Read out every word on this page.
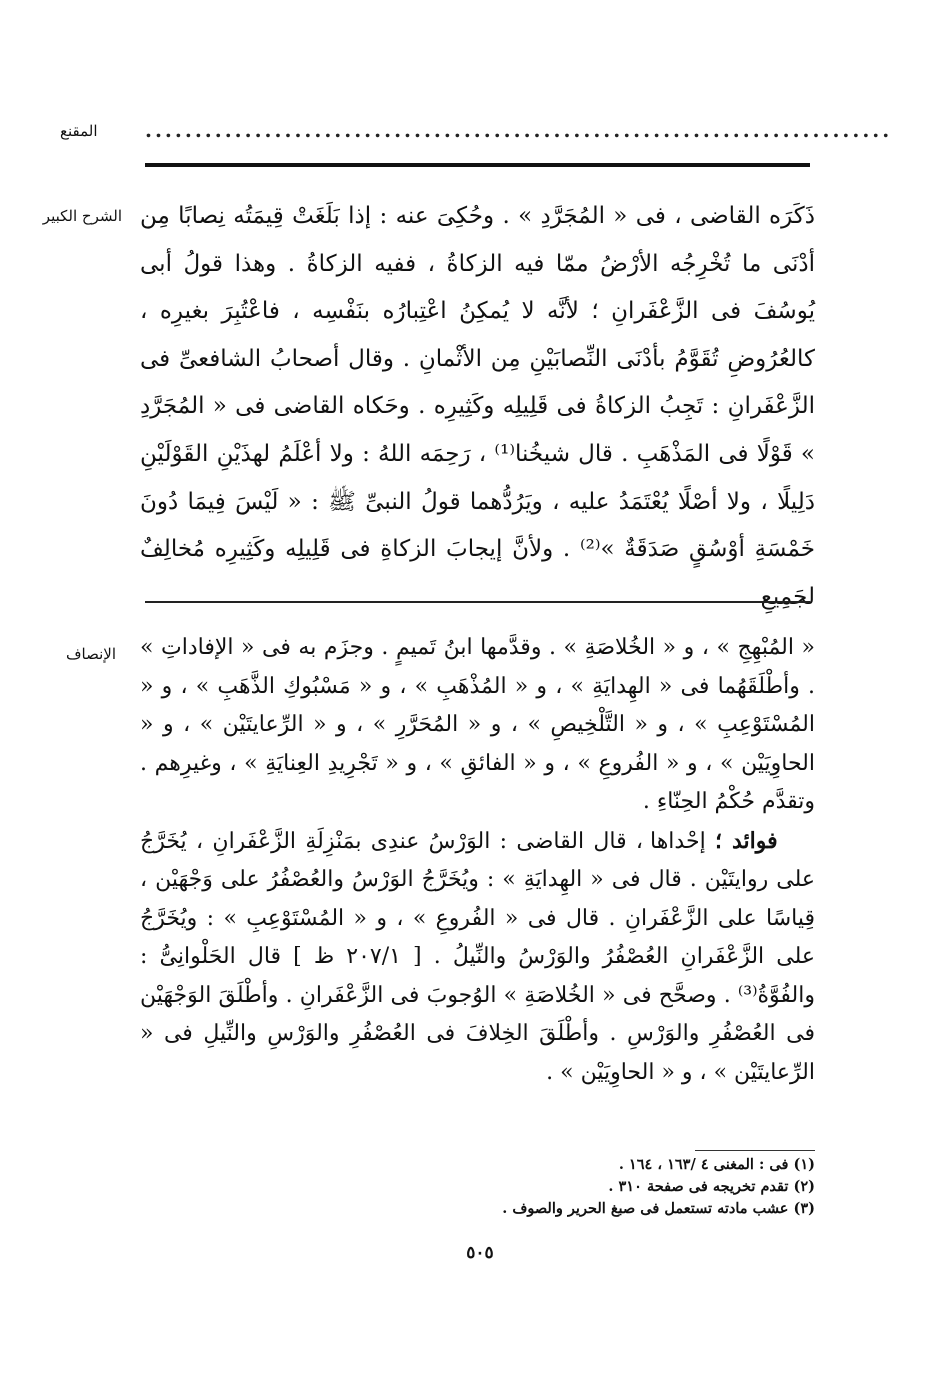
المقنع	...........................................................................
الشرح الكبير ذَكَرَه القاضى ، فى « المُجَرَّدِ » . وحُكِىَ عنه : إذا بَلَغَتْ قِيمَتُه نِصابًا مِن أدْنَى ما تُخْرِجُه الأرْضُ ممّا فيه الزكاةُ ، ففيه الزكاةُ . وهذا قولُ أبى يُوسُفَ فى الزَّعْفَرانِ ؛ لأنَّه لا يُمكِنُ اعْتِبارُه بنَفْسِه ، فاعْتُبِرَ بغيرِه ، كالعُرُوضِ تُقَوَّمُ بأدْنَى النِّصابَيْنِ مِن الأثْمانِ . وقال أصحابُ الشافعىِّ فى الزَّعْفَرانِ : تَجِبُ الزكاةُ فى قَلِيلِه وكَثِيرِه . وحَكاه القاضى فى « المُجَرَّدِ » قَوْلًا فى المَذْهَبِ . قال شيخُنا⁽¹⁾ ، رَحِمَه اللهُ : ولا أعْلَمُ لهذَيْنِ القَوْلَيْنِ دَلِيلًا ، ولا أصْلًا يُعْتَمَدُ عليه ، ويَرُدُّهما قولُ النبىِّ ﷺ : « لَيْسَ فِيمَا دُونَ خَمْسَةِ أوْسُقٍ صَدَقَةٌ »⁽²⁾ . ولأنَّ إيجابَ الزكاةِ فى قَلِيلِه وكَثِيرِه مُخالِفٌ لجَمِيعِ

الإنصاف « المُبْهِجِ » ، و « الخُلاصَةِ » . وقدَّمها ابنُ تَميمٍ . وجزَم به فى « الإفاداتِ » . وأطْلَقَهُما فى « الهِدايَةِ » ، و « المُذْهَبِ » ، و « مَسْبُوكِ الذَّهَبِ » ، و « المُسْتَوْعِبِ » ، و « التَّلْخِيصِ » ، و « المُحَرَّرِ » ، و « الرِّعايتَيْن » ، و « الحاوِيَيْن » ، و « الفُروعِ » ، و « الفائقِ » ، و « تَجْرِيدِ العِنايَةِ » ، وغيرِهم . وتقدَّم حُكْمُ الحِنّاءِ .

فوائد ؛ إحْداها ، قال القاضى : الوَرْسُ عندِى بمَنْزِلَةِ الزَّعْفَرانِ ، يُخَرَّجُ على روايتَيْن . قال فى « الهِدايَةِ » : ويُخَرَّجُ الوَرْسُ والعُصْفُرُ على وَجْهَيْن ، قِياسًا على الزَّعْفَرانِ . قال فى « الفُروعِ » ، و « المُسْتَوْعِبِ » : ويُخَرَّجُ على الزَّعْفَرانِ العُصْفُرُ والوَرْسُ والنِّيلُ . [ ٢٠٧/١ ظ ] قال الحَلْوانِىُّ : والفُوَّةُ⁽³⁾ . وصحَّح فى « الخُلاصَةِ » الوُجوبَ فى الزَّعْفَرانِ . وأطْلَقَ الوَجْهَيْن فى العُصْفُرِ والوَرْسِ . وأطْلَقَ الخِلافَ فى العُصْفُرِ والوَرْسِ والنِّيلِ فى « الرِّعايتَيْن » ، و « الحاوِيَيْن » .

(١) فى : المغنى ٤ /١٦٣ ، ١٦٤ .
(٢) تقدم تخريجه فى صفحة ٣١٠ .
(٣) عشب مادته تستعمل فى صبغ الحرير والصوف .
٥٠٥
